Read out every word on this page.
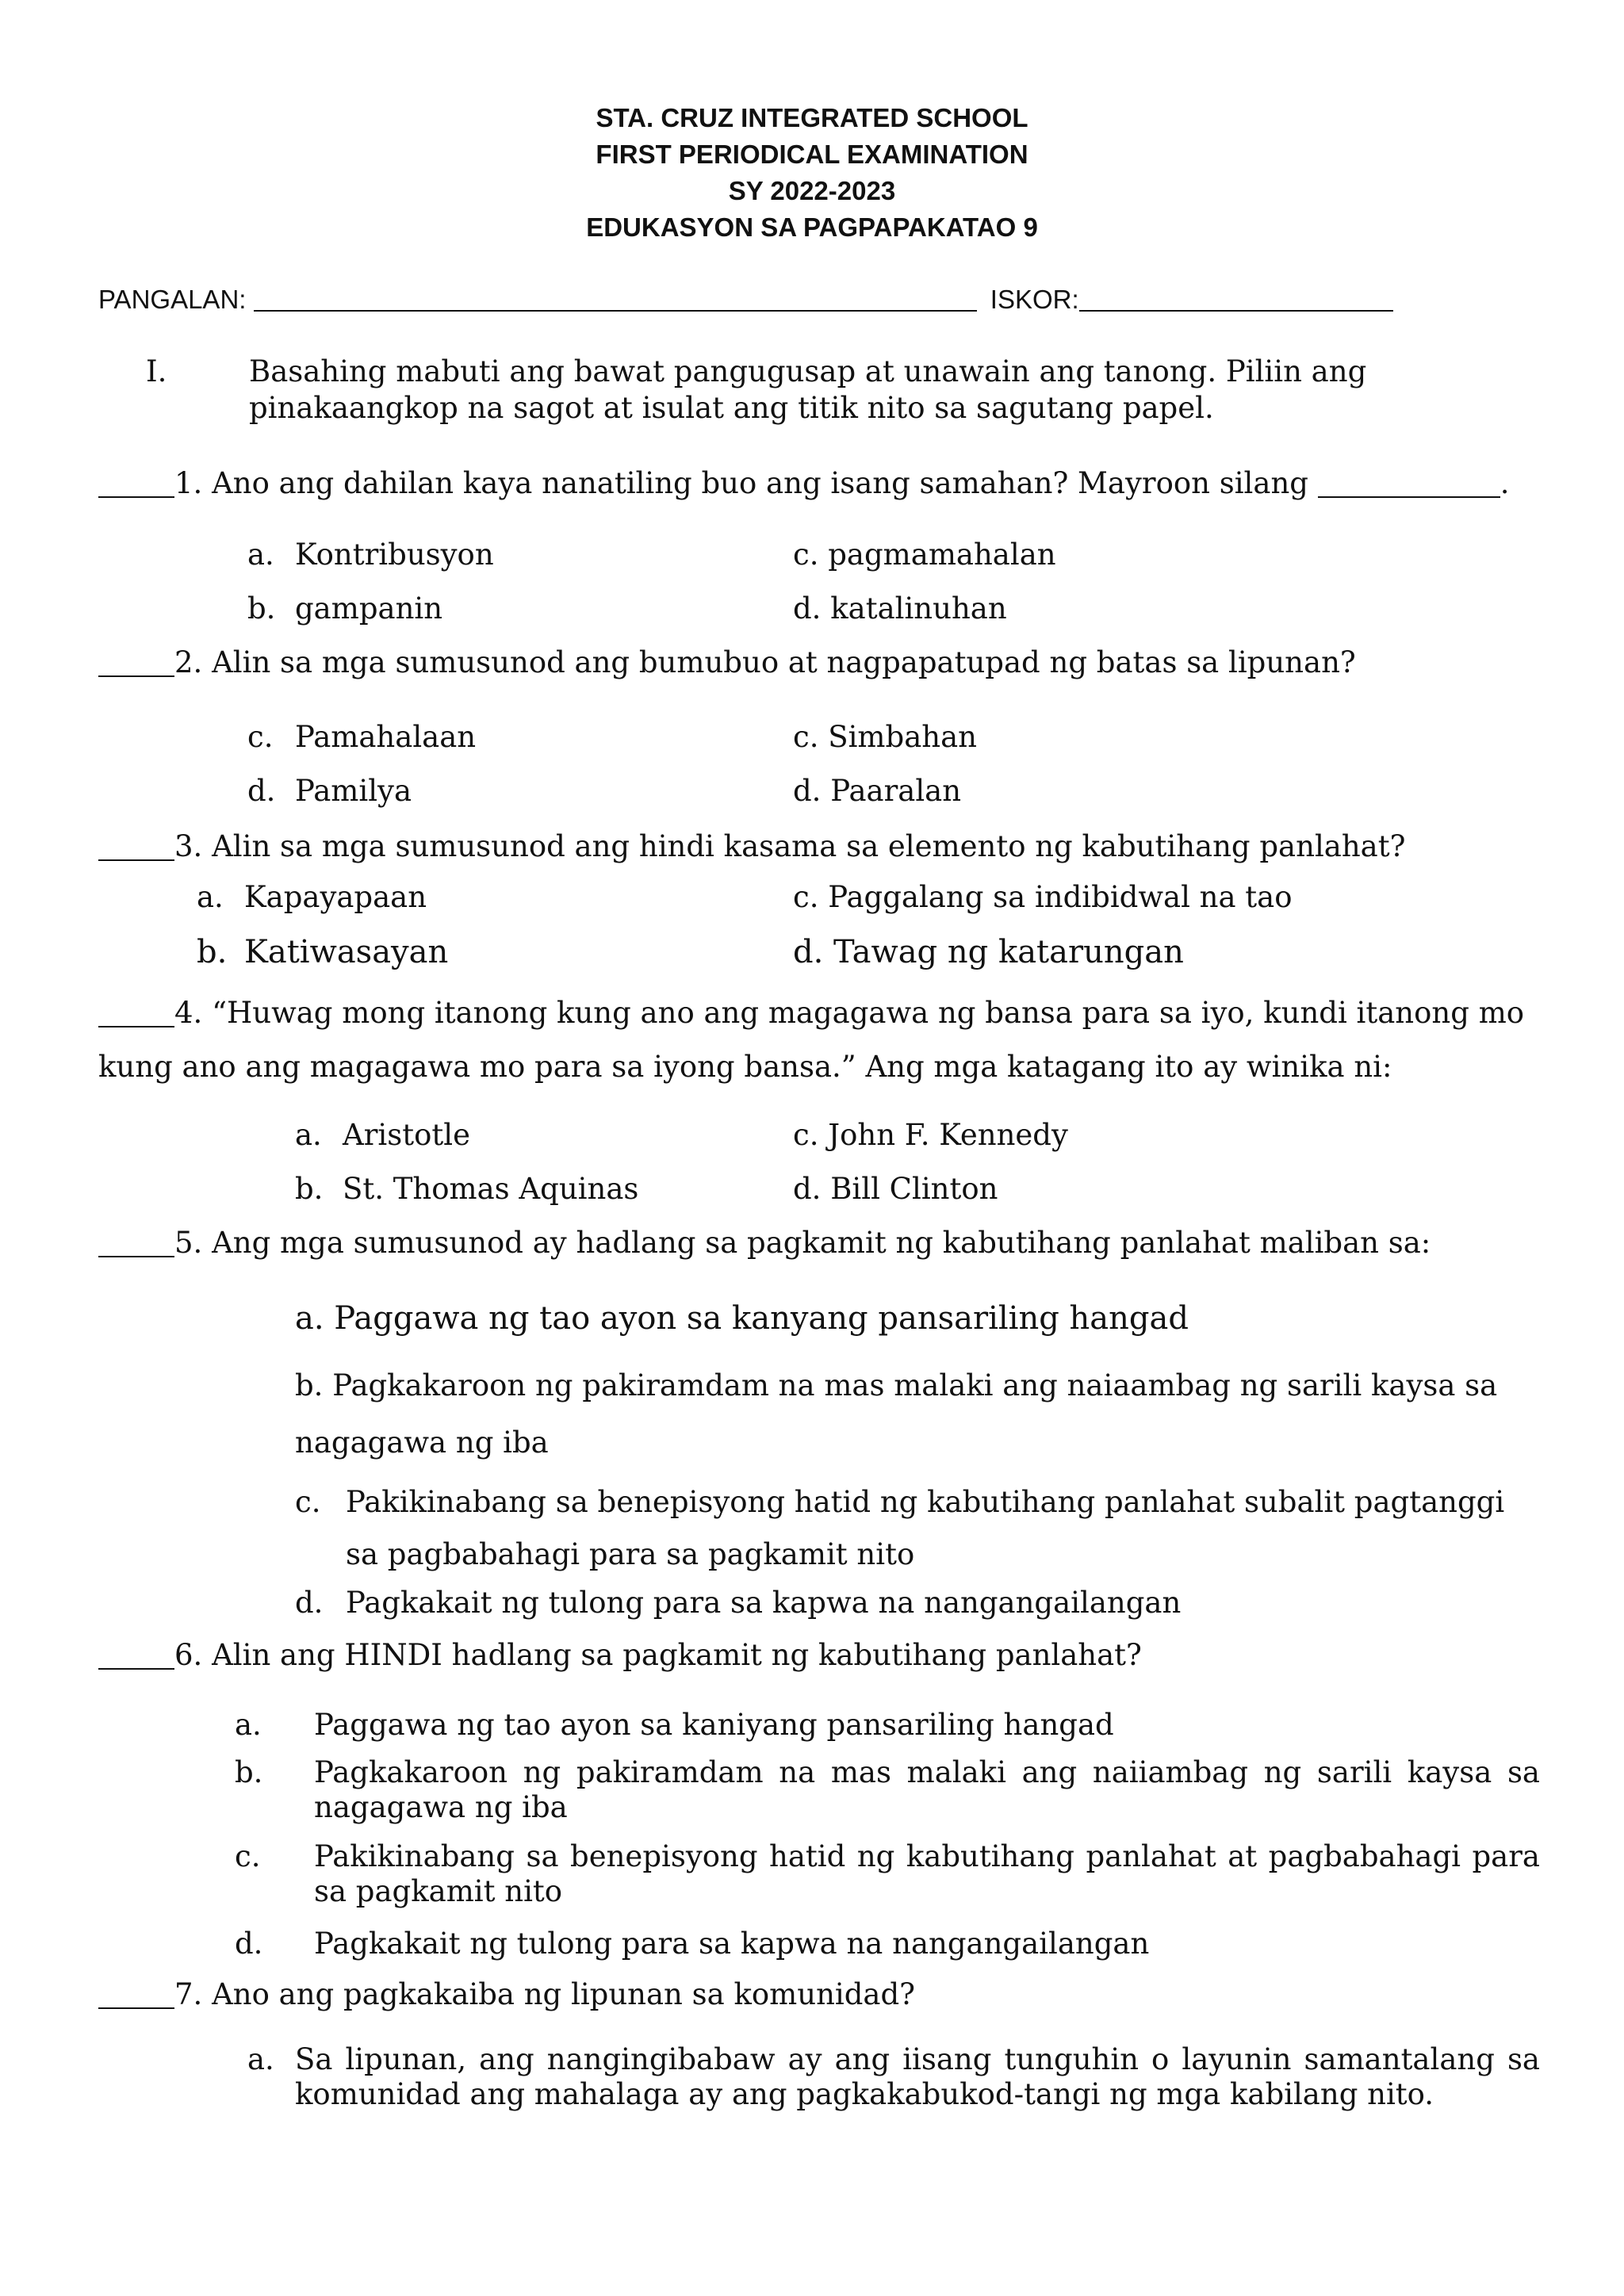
STA. CRUZ INTEGRATED SCHOOL
FIRST PERIODICAL EXAMINATION
SY 2022-2023
EDUKASYON SA PAGPAPAKATAO 9
PANGALAN:	ISKOR:
I.	Basahing mabuti ang bawat pangugusap at unawain ang tanong. Piliin ang pinakaangkop na sagot at isulat ang titik nito sa sagutang papel.
1. Ano ang dahilan kaya nanatiling buo ang isang samahan? Mayroon silang	.
a. Kontribusyon	c. pagmamahalan
b. gampanin	d. katalinuhan
2. Alin sa mga sumusunod ang bumubuo at nagpapatupad ng batas sa lipunan?
c. Pamahalaan	c. Simbahan
d. Pamilya	d. Paaralan
3. Alin sa mga sumusunod ang hindi kasama sa elemento ng kabutihang panlahat?
a. Kapayapaan	c. Paggalang sa indibidwal na tao
b. Katiwasayan	d. Tawag ng katarungan
4. “Huwag mong itanong kung ano ang magagawa ng bansa para sa iyo, kundi itanong mo kung ano ang magagawa mo para sa iyong bansa.” Ang mga katagang ito ay winika ni:
a. Aristotle	c. John F. Kennedy
b. St. Thomas Aquinas	d. Bill Clinton
5. Ang mga sumusunod ay hadlang sa pagkamit ng kabutihang panlahat maliban sa:
a. Paggawa ng tao ayon sa kanyang pansariling hangad
b. Pagkakaroon ng pakiramdam na mas malaki ang naiaambag ng sarili kaysa sa nagagawa ng iba
c. Pakikinabang sa benepisyong hatid ng kabutihang panlahat subalit pagtanggi sa pagbabahagi para sa pagkamit nito
d. Pagkakait ng tulong para sa kapwa na nangangailangan
6. Alin ang HINDI hadlang sa pagkamit ng kabutihang panlahat?
a. Paggawa ng tao ayon sa kaniyang pansariling hangad
b. Pagkakaroon ng pakiramdam na mas malaki ang naiiambag ng sarili kaysa sa nagagawa ng iba
c. Pakikinabang sa benepisyong hatid ng kabutihang panlahat at pagbabahagi para sa pagkamit nito
d. Pagkakait ng tulong para sa kapwa na nangangailangan
7. Ano ang pagkakaiba ng lipunan sa komunidad?
a. Sa lipunan, ang nangingibabaw ay ang iisang tunguhin o layunin samantalang sa komunidad ang mahalaga ay ang pagkakabukod-tangi ng mga kabilang nito.
